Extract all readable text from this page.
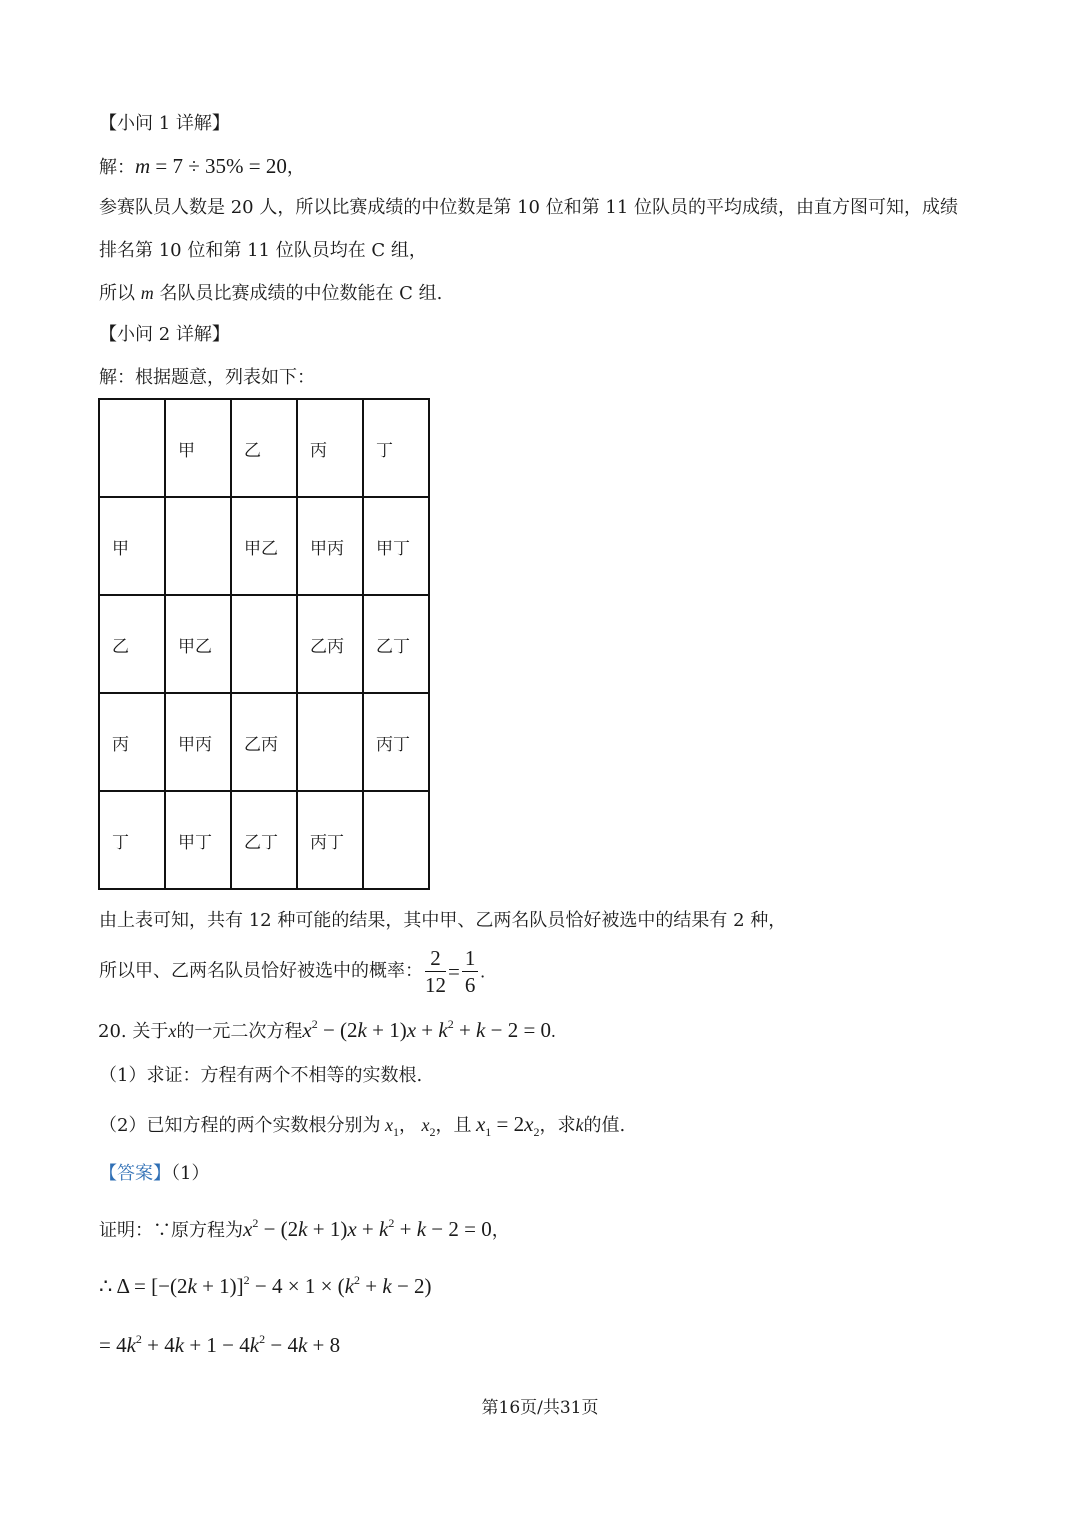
【小问 1 详解】
解：m = 7 ÷ 35% = 20，
参赛队员人数是 20 人，所以比赛成绩的中位数是第 10 位和第 11 位队员的平均成绩，由直方图可知，成绩
排名第 10 位和第 11 位队员均在 C 组，
所以 m 名队员比赛成绩的中位数能在 C 组.
【小问 2 详解】
解：根据题意，列表如下：
	甲	乙	丙	丁
甲		甲乙	甲丙	甲丁
乙	甲乙		乙丙	乙丁
丙	甲丙	乙丙		丙丁
丁	甲丁	乙丁	丙丁	
由上表可知，共有 12 种可能的结果，其中甲、乙两名队员恰好被选中的结果有 2 种，
所以甲、乙两名队员恰好被选中的概率： $\frac{2}{12} = \frac{1}{6}$ .
20. 关于x的一元二次方程$x^2 - (2k + 1)x + k^2 + k - 2 = 0$.
（1）求证：方程有两个不相等的实数根.
（2）已知方程的两个实数根分别为 $x_1$， $x_2$，且 $x_1 = 2x_2$，求k的值.
【答案】（1）
证明：∵原方程为$x^2 - (2k + 1)x + k^2 + k - 2 = 0$，
∴ $\Delta = [-(2k + 1)]^2 - 4 \times 1 \times (k^2 + k - 2)$
= $4k^2 + 4k + 1 - 4k^2 - 4k + 8$
第16页/共31页
